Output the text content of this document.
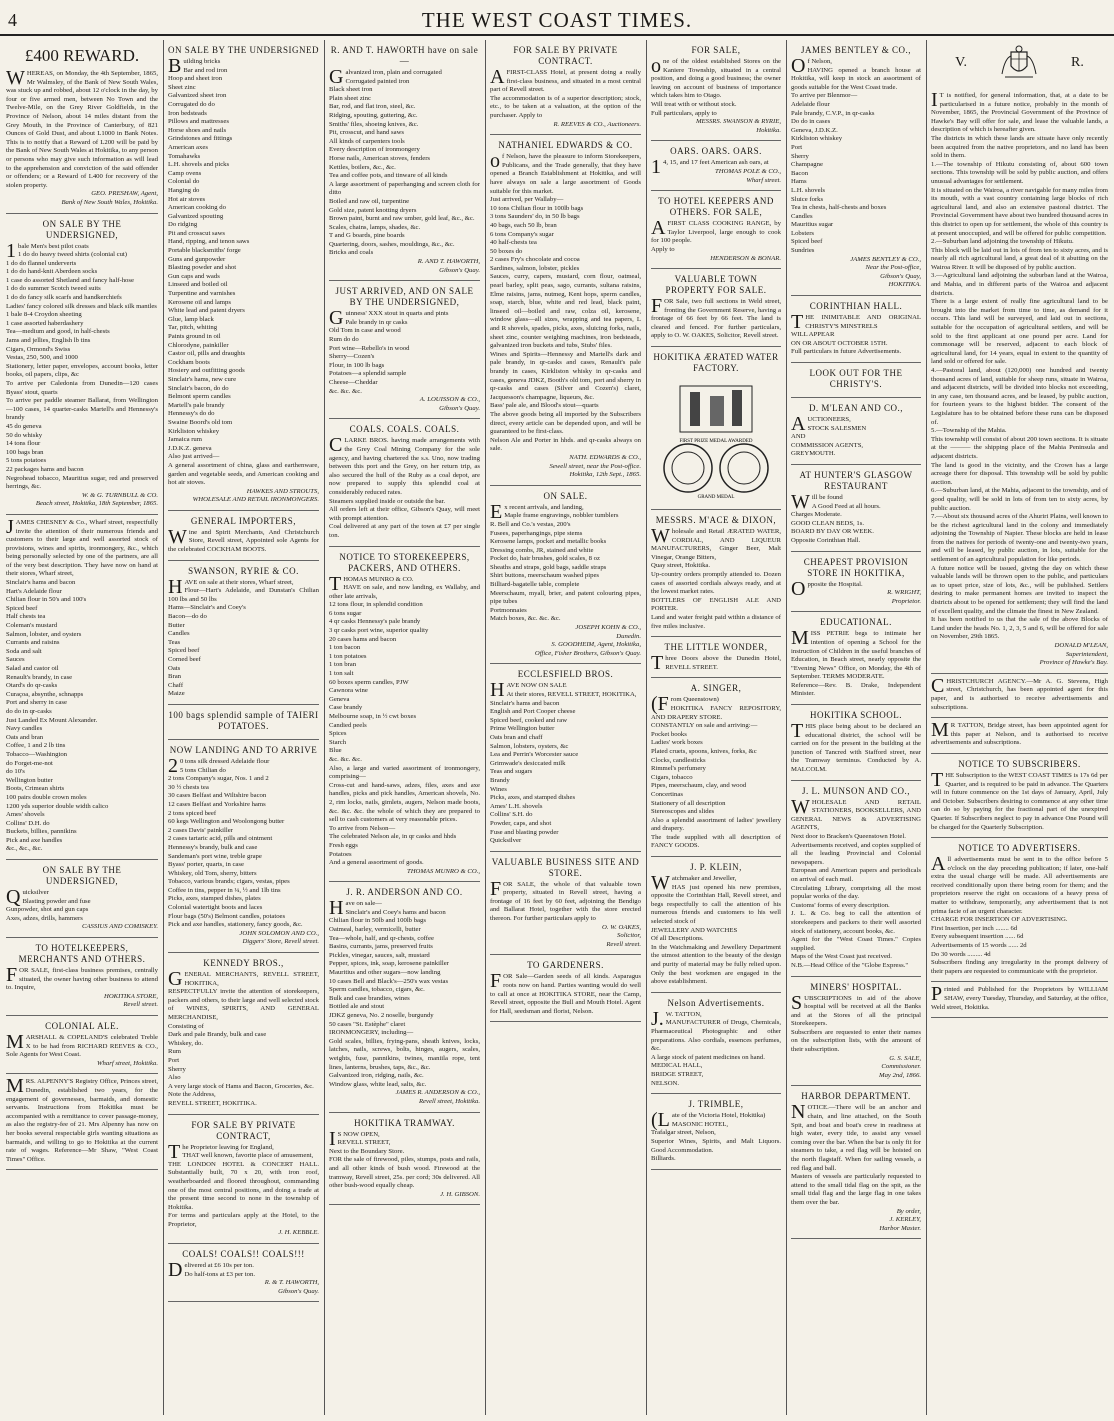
4	THE WEST COAST TIMES.
£400 REWARD.
WHEREAS, on Monday, the 4th September, 1865, Mr Walmsley, of the Bank of New South Wales, was stuck up and robbed, about 12 o'clock in the day, by four or five armed men, between No Town and the Twelve-Mile, on the Grey River Goldfields, in the Province of Nelson, about 14 miles distant from the Grey Mouth, in the Province of Canterbury, of 821 Ounces of Gold Dust, and about L1000 in Bank Notes. This is to notify that a Reward of L200 will be paid by the Bank of New South Wales at Hokitika, to any person or persons who may give such information as will lead to the apprehension and conviction of the said offender or offenders; or a Reward of L400 for recovery of the stolen property.
GEO. PRESHAW, Agent,
Bank of New South Wales, Hokitika.
ON SALE BY THE UNDERSIGNED,
1bale Men's best pilot coats
1 do do heavy tweed shirts (colonial cut)
1 do do flannel underverts
1 do do hand-knit Aberdeen socks
1 case do assorted Shetland and fancy half-hose
1 do do summer Scotch tweed suits
1 do do fancy silk scarfs and handkerchiefs
Ladies' fancy colored silk dresses and black silk mantles
1 bale 8-4 Croydon sheeting
1 case assorted haberdashery
Tea—medium and good, in half-chests
Jams and jellies, English lb tins
Cigars, Ormond's Swiss
Vestas, 250, 500, and 1000
Stationery, letter paper, envelopes, account books, letter books, oil papers, clips, &c
To arrive per Caledonia from Dunedin—120 cases Byass' stout, quarts
To arrive per paddle steamer Ballarat, from Wellington—100 cases, 14 quarter-casks Martell's and Hennessy's brandy
45 do geneva
50 do whisky
14 tons flour
100 bags bran
5 tons potatoes
22 packages hams and bacon
Negrohead tobacco, Mauritius sugar, red and preserved herrings, &c.
W. & G. TURNBULL & CO.
Beach street, Hokitika, 18th September, 1865.
JAMES CHESNEY & Co., Wharf street, respectfully invite the attention of their numerous friends and customers to their large and well assorted stock of provisions, wines and spirits, ironmongery, &c., which being personally selected by one of the partners, are all of the very best description. They have now on hand at their stores, Wharf street,
Sinclair's hams and bacon
Hart's Adelaide flour
Chilian flour in 50's and 100's
Spiced beef
Half chests tea
Coleman's mustard
Salmon, lobster, and oysters
Currants and raisins
Soda and salt
Sauces
Salad and castor oil
Renault's brandy, in case
Otard's do qr-casks
Curaçoa, absynthe, schnapps
Port and sherry in case
do do in qr-casks
Just Landed Ex Mount Alexander.
Navy candles
Oats and bran
Coffee, 1 and 2 lb tins
Tobacco—Washington
do Forget-me-not
do 10's
Wellington butter
Boots, Crimean shirts
100 pairs double crown moles
1200 yds superior double width calico
Ames' shovels
Collins' D.H. do
Buckets, billies, pannikins
Pick and axe handles
&c., &c., &c.
ON SALE BY THE UNDERSIGNED,
Quicksilver
Blasting powder and fuse
Gunpowder, shot and gun caps
Axes, adzes, drills, hammers
CASSIUS AND COMISKEY.
TO HOTELKEEPERS, MERCHANTS AND OTHERS.
FOR SALE, first-class business premises, centrally situated, the owner having other business to attend to. Inquire,
HOKITIKA STORE,
Revell street.
COLONIAL ALE.
MARSHALL & COPELAND'S celebrated Treble X to be had from RICHARD REEVES & CO., Sole Agents for West Coast.
Wharf street, Hokitika.
MRS. ALPENNY'S Registry Office, Princes street, Dunedin, established two years, for the engagement of governesses, barmaids, and domestic servants. Instructions from Hokitika must be accompanied with a remittance to cover passage-money, as also the registry-fee of 21. Mrs Alpenny has now on her books several respectable girls wanting situations as barmaids, and willing to go to Hokitika at the current rate of wages. Reference—Mr Shaw, "West Coast Times" Office.
ON SALE BY THE UNDERSIGNED
Building bricks
Bar and rod iron
Hoop and sheet iron
Sheet zinc
Galvanized sheet iron
Corrugated do do
Iron bedsteads
Pillows and mattresses
Horse shoes and nails
Grindstones and fittings
American axes
Tomahawks
L.H. shovels and picks
Camp ovens
Colonial do
Hanging do
Hot air stoves
American cooking do
Galvanized spouting
Do ridging
Pit and crosscut saws
Hand, ripping, and tenon saws
Portable blacksmiths' forge
Guns and gunpowder
Blasting powder and shot
Gun caps and wads
Linseed and boiled oil
Turpentine and varnishes
Kerosene oil and lamps
White lead and patent dryers
Glue, lamp black
Tar, pitch, whiting
Paints ground in oil
Chlorodyne, painkiller
Castor oil, pills and draughts
Cockham boots
Hosiery and outfitting goods
Sinclair's hams, new cure
Sinclair's bacon, do do
Belmont sperm candles
Martell's pale brandy
Hennessy's do do
Swaine Boord's old tom
Kirkliston whiskey
Jamaica rum
J.D.K.Z. geneva
Also just arrived—
A general assortment of china, glass and earthenware, garden and vegetable seeds, and American cooking and hot air stoves.
HAWKES AND STROUTS,
WHOLESALE AND RETAIL IRONMONGERS.
GENERAL IMPORTERS,
Wine and Spirit Merchants, And Christchurch Store, Revell street, Appointed sole Agents for the celebrated COCKHAM BOOTS.
SWANSON, RYRIE & CO.
HAVE on sale at their stores, Wharf street,
Flour—Hart's Adelaide, and Dunstan's Chilian 100 lbs and 50 lbs
Hams—Sinclair's and Coey's
Bacon—do do
Butter
Candles
Teas
Spiced beef
Corned beef
Oats
Bran
Chaff
Maize
100 bags splendid sample of TAIERI POTATOES.
NOW LANDING AND TO ARRIVE
20 tons silk dressed Adelaide flour
5 tons Chilian do
2 tons Company's sugar, Nos. 1 and 2
30 ½ chests tea
30 cases Belfast and Wiltshire bacon
12 cases Belfast and Yorkshire hams
2 tons spiced beef
60 kegs Wellington and Woolongong butter
2 cases Davis' painkiller
2 cases tartaric acid, pills and ointment
Hennessy's brandy, bulk and case
Sandeman's port wine, treble grape
Byass' porter, quarts, in case
Whiskey, old Tom, sherry, bitters
Tobacco, various brands; cigars, vestas, pipes
Coffee in tins, pepper in ¼, ½ and 1lb tins
Picks, axes, stamped dishes, plates
Colonial watertight boots and laces
Flour bags (50's) Belmont candles, potatoes
Pick and axe handles, stationery, fancy goods, &c.
JOHN SOLOMON AND CO.,
Diggers' Store, Revell street.
KENNEDY BROS.,
GENERAL MERCHANTS, REVELL STREET, HOKITIKA,
RESPECTFULLY invite the attention of storekeepers, packers and others, to their large and well selected stock of WINES, SPIRITS, AND GENERAL MERCHANDISE,
Consisting of
Dark and pale Brandy, bulk and case
Whiskey, do.
Rum
Port
Sherry
Also
A very large stock of Hams and Bacon, Groceries, &c.
Note the Address,
REVELL STREET, HOKITIKA.
FOR SALE BY PRIVATE CONTRACT,
The Proprietor leaving for England,
THAT well known, favorite place of amusement,
THE LONDON HOTEL & CONCERT HALL. Substantially built, 70 x 20, with iron roof, weatherboarded and floored throughout, commanding one of the most central positions, and doing a trade at the present time second to none in the township of Hokitika.
For terms and particulars apply at the Hotel, to the Proprietor,
J. H. KEBBLE.
COALS! COALS!! COALS!!!
Delivered at £6 10s per ton.
Do half-tons at £3 per ton.
R. & T. HAWORTH,
Gibson's Quay.
R. AND T. HAWORTH have on sale—
Galvanized iron, plain and corrugated
Corrugated painted iron
Black sheet iron
Plain sheet zinc
Bar, rod, and flat iron, steel, &c.
Ridging, spouting, guttering, &c.
Smiths' files, shoeing knives, &c.
Pit, crosscut, and hand saws
All kinds of carpenters tools
Every description of ironmongery
Horse nails, American stoves, fenders
Kettles, boilers, &c., &c.
Tea and coffee pots, and tinware of all kinds
A large assortment of paperhanging and screen cloth for ditto
Boiled and raw oil, turpentine
Gold size, patent knotting dryers
Brown paint, burnt and raw umber, gold leaf, &c., &c.
Scales, chains, lamps, shades, &c.
T and G boards, pine boards
Quartering, doors, sashes, mouldings, &c., &c.
Bricks and coals
R. AND T. HAWORTH,
Gibson's Quay.
JUST ARRIVED, AND ON SALE BY THE UNDERSIGNED,
Guinness' XXX stout in quarts and pints
Pale brandy in qr casks
Old Tom in case and wood
Rum do do
Port wine—Rebello's in wood
Sherry—Cozen's
Flour, in 100 lb bags
Potatoes—a splendid sample
Cheese—Cheddar
&c. &c. &c.
A. LOUISSON & CO.,
Gibson's Quay.
COALS. COALS. COALS.
CLARKE BROS. having made arrangements with the Grey Coal Mining Company for the sole agency, and having chartered the s.s. Uno, now trading between this port and the Grey, on her return trip, as also secured the hull of the Ruby as a coal depot, are now prepared to supply this splendid coal at considerably reduced rates.
Steamers supplied inside or outside the bar.
All orders left at their office, Gibson's Quay, will meet with prompt attention.
Coal delivered at any part of the town at £7 per single ton.
NOTICE TO STOREKEEPERS, PACKERS, AND OTHERS.
THOMAS MUNRO & CO.
HAVE on sale, and now landing, ex Wallaby, and other late arrivals,
12 tons flour, in splendid condition
6 tons sugar
4 qr casks Hennessy's pale brandy
3 qr casks port wine, superior quality
20 cases hams and bacon
1 ton bacon
1 ton potatoes
1 ton bran
1 ton salt
60 boxes sperm candles, PJW
Cawnora wine
Geneva
Case brandy
Melbourne soap, in ½ cwt boxes
Candied peels
Spices
Starch
Blue
&c. &c. &c.
Also, a large and varied assortment of ironmongery, comprising—
Cross-cut and hand-saws, adzes, files, axes and axe handles, picks and pick handles, American shovels, No. 2, rim locks, nails, gimlets, augers, Nelson made boots, &c. &c. &c. the whole of which they are prepared to sell to cash customers at very reasonable prices.
To arrive from Nelson—
The celebrated Nelson ale, in qr casks and hhds
Fresh eggs
Potatoes
And a general assortment of goods.
THOMAS MUNRO & CO.,
J. R. ANDERSON AND CO.
Have on sale—
Sinclair's and Coey's hams and bacon
Chilian flour in 50lb and 100lb bags
Oatmeal, barley, vermicelli, butter
Tea—whole, half, and qr-chests, coffee
Basins, currants, jams, preserved fruits
Pickles, vinegar, sauces, salt, mustard
Pepper, spices, ink, soap, kerosene painkiller
Mauritius and other sugars—now landing
10 cases Bell and Black's—250's wax vestas
Sperm candles, tobacco, cigars, &c.
Bulk and case brandies, wines
Bottled ale and stout
JDKZ geneva, No. 2 noselle, burgundy
50 cases "St. Estèphe" claret
IRONMONGERY, including—
Gold scales, billies, frying-pans, sheath knives, locks, latches, nails, screws, bolts, hinges, augers, scales, weights, fuse, pannikins, twines, maniila rope, tent lines, lanterns, brushes, taps, &c., &c.
Galvanized iron, ridging, nails, &c.
Window glass, white lead, salts, &c.
JAMES R. ANDERSON & CO.,
Revell street, Hokitika.
HOKITIKA TRAMWAY.
IS NOW OPEN,
REVELL STREET,
Next to the Boundary Store.
FOR the sale of firewood, piles, stumps, posts and rails, and all other kinds of bush wood. Firewood at the tramway, Revell street, 25s. per cord; 30s delivered. All other bush-wood equally cheap.
J. H. GIBSON.
FOR SALE BY PRIVATE CONTRACT.
AFIRST-CLASS Hotel, at present doing a really first-class business, and situated in a most central part of Revell street.
The accommodation is of a superior description; stock, etc., to be taken at a valuation, at the option of the purchaser. Apply to
R. REEVES & CO., Auctioneers.
NATHANIEL EDWARDS & CO.
of Nelson, have the pleasure to inform Storekeepers, Publicans, and the Trade generally, that they have opened a Branch Establishment at Hokitika, and will have always on sale a large assortment of Goods suitable for this market.
Just arrived, per Wallaby—
10 tons Chilian flour in 100lb bags
3 tons Saunders' do, in 50 lb bags
40 bags, each 50 lb, bran
6 tons Company's sugar
40 half-chests tea
50 boxes do
2 cases Fry's chocolate and cocoa
Sardines, salmon, lobster, pickles
Sauces, curry, capers, mustard, corn flour, oatmeal, pearl barley, split peas, sago, currants, sultana raisins, Elme raisins, jams, nutmeg, Kent hops, sperm candles, soap, starch, blue, white and red lead, black paint, linseed oil—boiled and raw, colza oil, kerosene, window glass—all sizes, wrapping and tea papers, L and R shovels, spades, picks, axes, sluicing forks, nails, sheet zinc, counter weighing machines, iron bedsteads, galvanized iron buckets and tubs, Stubs' files.
Wines and Spirits—Hennessy and Martell's dark and pale brandy, in qr-casks and cases, Renault's pale brandy in cases, Kirkliston whisky in qr-casks and cases, geneva JDKZ, Booth's old tom, port and sherry in qr-casks and cases (Silver and Cozen's) claret, Jacquesson's champagne, liqueurs, &c.
Bass' pale ale, and Blood's stout—quarts
The above goods being all imported by the Subscribers direct, every article can be depended upon, and will be guaranteed to be first-class.
Nelson Ale and Porter in hhds. and qr-casks always on sale.
NATH. EDWARDS & CO.,
Sewell street, near the Post-office.
Hokitika, 12th Sept., 1865.
ON SALE.
Ex recent arrivals, and landing,
Maple frame engravings, nobbler tumblers
R. Bell and Co.'s vestas, 200's
Fusees, paperhangings, pipe stems
Kerosene lamps, pocket and metallic books
Dressing combs, JR, stained and white
Pocket do, hair brushes, gold scales, 8 oz
Sheaths and straps, gold bags, saddle straps
Shirt buttons, meerschaum washed pipes
Billiard-bagatelle table, complete
Meerschaum, myall, brier, and patent colouring pipes, pipe tubes
Portmonnaies
Match boxes, &c. &c. &c.
JOSEPH KOHN & CO.,
Dunedin.
S. GOODHEIM, Agent, Hokitika,
Office, Fisher Brothers, Gibson's Quay.
ECCLESFIELD BROS.
HAVE NOW ON SALE
At their stores, REVELL STREET, HOKITIKA,
Sinclair's hams and bacon
English and Port Cooper cheese
Spiced beef, cooked and raw
Prime Wellington butter
Oats bran and chaff
Salmon, lobsters, oysters, &c
Lea and Perrin's Worcester sauce
Grimwade's desiccated milk
Teas and sugars
Brandy
Wines
Picks, axes, and stamped dishes
Ames' L.H. shovels
Collins' S.H. do
Powder, caps, and shot
Fuse and blasting powder
Quicksilver
VALUABLE BUSINESS SITE AND STORE.
FOR SALE, the whole of that valuable town property, situated in Revell street, having a frontage of 16 feet by 60 feet, adjoining the Bendigo and Ballarat Hotel, together with the store erected thereon. For further particulars apply to
O. W. OAKES,
Solicitor,
Revell street.
TO GARDENERS.
FOR Sale—Garden seeds of all kinds. Asparagus roots now on hand. Parties wanting would do well to call at once at HOKITIKA STORE, near the Camp, Revell street, opposite the Bull and Mouth Hotel. Agent for Hall, seedsman and florist, Nelson.
FOR SALE,
one of the oldest established Stores on the Kaniere Township, situated in a central position, and doing a good business; the owner leaving on account of business of importance which takes him to Otago.
Will treat with or without stock.
Full particulars, apply to
MESSRS. SWANSON & RYRIE,
Hokitika.
OARS. OARS. OARS.
14, 15, and 17 feet American ash oars, at
THOMAS POLE & CO.,
Wharf street.
TO HOTEL KEEPERS AND OTHERS. FOR SALE,
AFIRST CLASS COOKING RANGE, by Taylor Liverpool, large enough to cook for 100 people.
Apply to
HENDERSON & BONAR.
VALUABLE TOWN PROPERTY FOR SALE.
FOR Sale, two full sections in Weld street, fronting the Government Reserve, having a frontage of 66 feet by 66 feet. The land is cleared and fenced. For further particulars, apply to O. W. OAKES, Solicitor, Revell street.
HOKITIKA ÆRATED WATER FACTORY.
FIRST PRIZE MEDAL AWARDED
GRAND MEDAL
MESSRS. M'ACE & DIXON,
Wholesale and Retail ÆRATED WATER, CORDIAL, AND LIQUEUR MANUFACTURERS, Ginger Beer, Malt Vinegar, Orange Bitters,
Quay street, Hokitika.
Up-country orders promptly attended to. Dozen cases of assorted cordials always ready, and at the lowest market rates.
BOTTLERS OF ENGLISH ALE AND PORTER.
Land and water freight paid within a distance of five miles inclusive.
THE LITTLE WONDER,
Three Doors above the Dunedin Hotel, REVELL STREET.
A. SINGER,
(From Queenstown)
HOKITIKA FANCY REPOSITORY, AND DRAPERY STORE.
CONSTANTLY on sale and arriving:—
Pocket books
Ladies' work boxes
Plated cruets, spoons, knives, forks, &c
Clocks, candlesticks
Rimmel's perfumery
Cigars, tobacco
Pipes, meerschaum, clay, and wood
Concertinas
Stationery of all description
Stereoscopes and slides
Also a splendid assortment of ladies' jewellery and drapery.
The trade supplied with all description of FANCY GOODS.
J. P. KLEIN,
Watchmaker and Jeweller,
HAS just opened his new premises, opposite the Corinthian Hall, Revell street, and begs respectfully to call the attention of his numerous friends and customers to his well selected stock of
JEWELLERY AND WATCHES
Of all Descriptions.
In the Watchmaking and Jewellery Department the utmost attention to the beauty of the design and purity of material may be fully relied upon. Only the best workmen are engaged in the above establishment.
Nelson Advertisements.
J.W. TATTON,
MANUFACTURER of Drugs, Chemicals, Pharmaceutical Photographic and other preparations. Also cordials, essences perfumes, &c.
A large stock of patent medicines on hand.
MEDICAL HALL,
BRIDGE STREET,
NELSON.
J. TRIMBLE,
(Late of the Victoria Hotel, Hokitika)
MASONIC HOTEL,
Trafalgar street, Nelson,
Superior Wines, Spirits, and Malt Liquors. Good Accommodation.
Billiards.
JAMES BENTLEY & CO.,
Of Nelson,
HAVING opened a branch house at Hokitika, will keep in stock an assortment of goods suitable for the West Coast trade.
To arrive per Blenmor—
Adelaide flour
Pale brandy, C.V.P., in qr-casks
Do do in cases
Geneva, J.D.K.Z.
Kirkliston whiskey
Port
Sherry
Champagne
Bacon
Hams
L.H. shovels
Sluice forks
Tea in chests, half-chests and boxes
Candles
Mauritius sugar
Lobsters
Spiced beef
Sundries
JAMES BENTLEY & CO.,
Near the Post-office,
Gibson's Quay,
HOKITIKA.
CORINTHIAN HALL.
THE INIMITABLE AND ORIGINAL CHRISTY'S MINSTRELS
WILL APPEAR
ON OR ABOUT OCTOBER 15TH.
Full particulars in future Advertisements.
LOOK OUT FOR THE CHRISTY'S.
D. M'LEAN AND CO.,
AUCTIONEERS,
STOCK SALESMEN
AND
COMMISSION AGENTS,
GREYMOUTH.
AT HUNTER'S GLASGOW RESTAURANT
Will be found
A Good Feed at all hours.
Charges Moderate.
GOOD CLEAN BEDS, 1s.
BOARD BY DAY OR WEEK.
Opposite Corinthian Hall.
CHEAPEST PROVISION STORE IN HOKITIKA,
Opposite the Hospital.
R. WRIGHT,
Proprietor.
EDUCATIONAL.
MISS PETRIE begs to intimate her intention of opening a School for the instruction of Children in the useful branches of Education, in Beach street, nearly opposite the "Evening News" Office, on Monday, the 4th of September. TERMS MODERATE.
Reference—Rev. B. Drake, Independent Minister.
HOKITIKA SCHOOL.
THIS place being about to be declared an educational district, the school will be carried on for the present in the building at the junction of Tancred with Stafford street, near the Tramway terminus. Conducted by A. MALCOLM.
J. L. MUNSON AND CO.,
WHOLESALE AND RETAIL STATIONERS, BOOKSELLERS, AND GENERAL NEWS & ADVERTISING AGENTS,
Next door to Bracken's Queenstown Hotel.
Advertisements received, and copies supplied of all the leading Provincial and Colonial newspapers.
European and American papers and periodicals on arrival of each mail.
Circulating Library, comprising all the most popular works of the day.
Customs' forms of every description.
J. L. & Co. beg to call the attention of storekeepers and packers to their well assorted stock of stationery, account books, &c.
Agent for the "West Coast Times." Copies supplied.
Maps of the West Coast just received.
N.B.—Head Office of the "Globe Express."
MINERS' HOSPITAL.
SUBSCRIPTIONS in aid of the above hospital will be received at all the Banks and at the Stores of all the principal Storekeepers.
Subscribers are requested to enter their names on the subscription lists, with the amount of their subscription.
G. S. SALE,
Commissioner.
May 2nd, 1866.
HARBOR DEPARTMENT.
NOTICE.—There will be an anchor and chain, and line attached, on the South Spit, and boat and boat's crew in readiness at high water, every tide, to assist any vessel coming over the bar. When the bar is only fit for steamers to take, a red flag will be hoisted on the north flagstaff. When for sailing vessels, a red flag and ball.
Masters of vessels are particularly requested to attend to the small tidal flag on the spit, as the small tidal flag and the large flag in one takes them over the bar.
By order,
J. KERLEY,
Harbor Master.
V.	R.
IT is notified, for general information, that, at a date to be particularised in a future notice, probably in the month of November, 1865, the Provincial Government of the Province of Hawke's Bay will offer for sale, and lease the valuable lands, a description of which is hereafter given.
The districts in which these lands are situate have only recently been acquired from the native proprietors, and no land has been sold in them.
1.—The township of Hikutu consisting of, about 600 town sections. This township will be sold by public auction, and offers unusual advantages for settlement.
It is situated on the Wairoa, a river navigable for many miles from its mouth, with a vast country containing large blocks of rich agricultural land, and also an extensive pastoral district. The Provincial Government have about two hundred thousand acres in this district to open up for settlement, the whole of this country is at present unoccupied, and will be offered for public competition.
2.—Suburban land adjoining the township of Hikutu.
This block will be laid out in lots of from ten to sixty acres, and is nearly all rich agricultural land, a great deal of it abutting on the Wairoa River. It will be disposed of by public auction.
3.—Agricultural land adjoining the suburban land at the Wairoa, and Mahia, and in different parts of the Wairoa and adjacent districts.
There is a large extent of really fine agricultural land to be brought into the market from time to time, as demand for it occurs. This land will be surveyed, and laid out in sections, suitable for the occupation of agricultural settlers, and will be sold to the first applicant at one pound per acre. Land for commonage will be reserved, adjacent to each block of agricultural land, for 14 years, equal in extent to the quantity of land sold or offered for sale.
4.—Pastoral land, about (120,000) one hundred and twenty thousand acres of land, suitable for sheep runs, situate in Wairoa, and adjacent districts, will be divided into blocks not exceeding, in any case, ten thousand acres, and be leased, by public auction, for fourteen years to the highest bidder. The consent of the Legislature has to be obtained before these runs can be disposed of.
5.—Township of the Mahia.
This township will consist of about 200 town sections. It is situate at the ——— the shipping place of the Mahia Peninsula and adjacent districts.
The land is good in the vicinity, and the Crown has a large acreage there for disposal. This township will be sold by public auction.
6.—Suburban land, at the Mahia, adjacent to the township, and of good quality, will be sold in lots of from ten to sixty acres, by public auction.
7.—About six thousand acres of the Ahuriri Plains, well known to be the richest agricultural land in the colony and immediately adjoining the Township of Napier. These blocks are held in lease from the natives for periods of twenty-one and twenty-two years, and will be leased, by public auction, in lots, suitable for the settlement of an agricultural population for like periods.
A future notice will be issued, giving the day on which these valuable lands will be thrown open to the public, and particulars as to upset price, size of lots, &c., will be published. Settlers desiring to make permanent homes are invited to inspect the districts about to be opened for settlement; they will find the land of excellent quality, and the climate the finest in New Zealand.
It has been notified to us that the sale of the above Blocks of Land under the heads No. 1, 2, 3, 5 and 6, will be offered for sale on November, 29th 1865.
DONALD M'LEAN,
Superintendent,
Province of Hawke's Bay.
CHRISTCHURCH AGENCY.—Mr A. G. Stevens, High street, Christchurch, has been appointed agent for this paper, and is authorised to receive advertisements and subscriptions.
MR TATTON, Bridge street, has been appointed agent for this paper at Nelson, and is authorised to receive advertisements and subscriptions.
NOTICE TO SUBSCRIBERS.
THE Subscription to the WEST COAST TIMES is 17s 6d per Quarter, and is required to be paid in advance. The Quarters will in future commence on the 1st days of January, April, July and October. Subscribers desiring to commence at any other time can do so by paying for the fractional part of the unexpired Quarter. If Subscribers neglect to pay in advance One Pound will be charged for the Quarterly Subscription.
NOTICE TO ADVERTISERS.
All advertisements must be sent in to the office before 5 o'clock on the day preceding publication; if later, one-half extra the usual charge will be made. All advertisements are received conditionally upon there being room for them; and the proprietors reserve the right on occasions of a heavy press of matter to withdraw, temporarily, any advertisement that is not prima facie of an urgent character.
CHARGE FOR INSERTION OF ADVERTISING.
First Insertion, per inch ........ 6d
Every subsequent insertion ...... 6d
Advertisements of 15 words ...... 2d
Do 30 words ......... 4d
Subscribers finding any irregularity in the prompt delivery of their papers are requested to communicate with the proprietor.
Printed and Published for the Proprietors by WILLIAM SHAW, every Tuesday, Thursday, and Saturday, at the office, Weld street, Hokitika.
